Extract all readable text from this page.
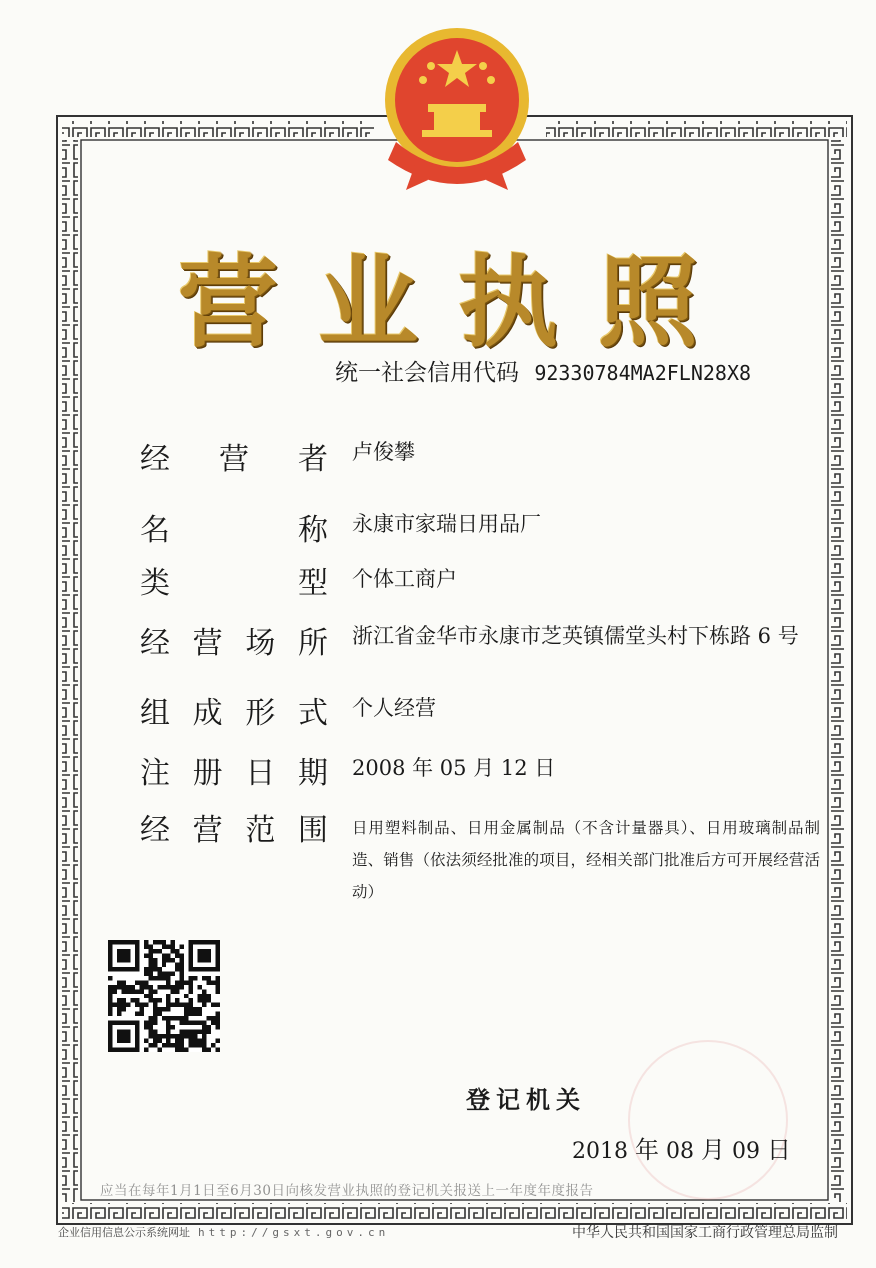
营业执照
统一社会信用代码 92330784MA2FLN28X8
经 营 者 卢俊攀
名	称 永康市家瑞日用品厂
类	型 个体工商户
经 营 场 所 浙江省金华市永康市芝英镇儒堂头村下栋路 6 号
组 成 形 式 个人经营
注 册 日 期 2008 年 05 月 12 日
经 营 范 围 日用塑料制品、日用金属制品（不含计量器具）、日用玻璃制品制造、销售（依法须经批准的项目，经相关部门批准后方可开展经营活动）
登记机关
2018 年 08 月 09 日
应当在每年1月1日至6月30日向核发营业执照的登记机关报送上一年度年度报告
企业信用信息公示系统网址 http://gsxt.gov.cn	中华人民共和国国家工商行政管理总局监制
